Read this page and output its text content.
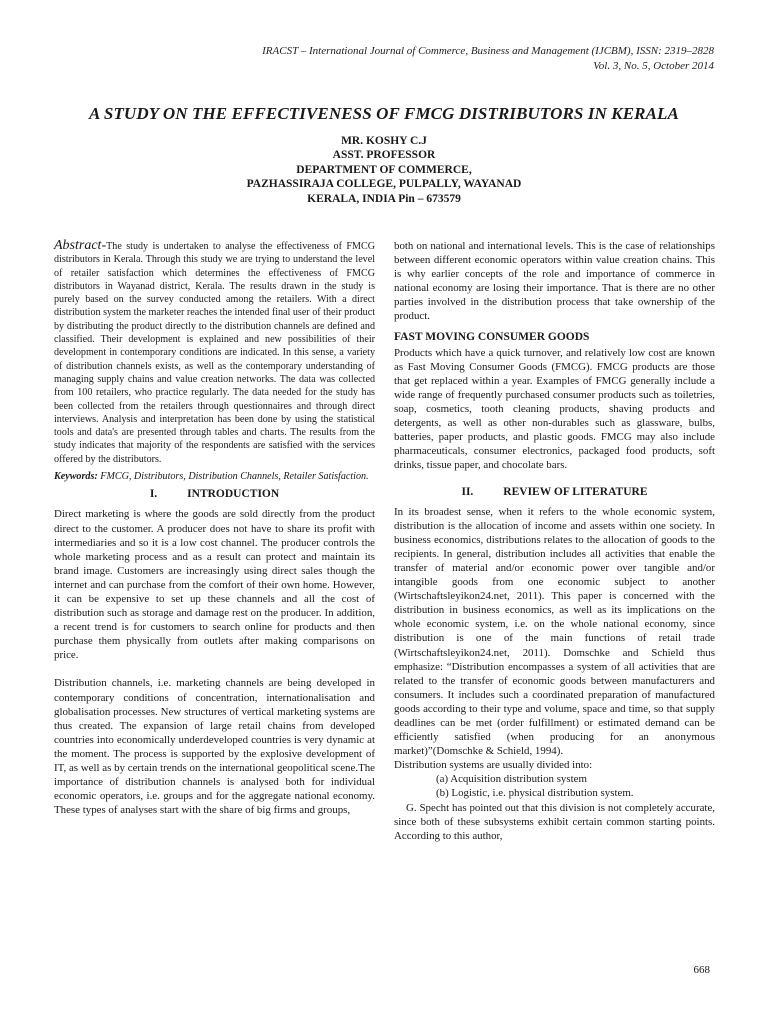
IRACST – International Journal of Commerce, Business and Management (IJCBM), ISSN: 2319–2828
Vol. 3, No. 5, October 2014
A STUDY ON THE EFFECTIVENESS OF FMCG DISTRIBUTORS IN KERALA
MR. KOSHY C.J
ASST. PROFESSOR
DEPARTMENT OF COMMERCE,
PAZHASSIRAJA COLLEGE, PULPALLY, WAYANAD
KERALA, INDIA Pin – 673579

Abstract-The study is undertaken to analyse the effectiveness of FMCG distributors in Kerala. Through this study we are trying to understand the level of retailer satisfaction which determines the effectiveness of FMCG distributors in Wayanad district, Kerala. The results drawn in the study is purely based on the survey conducted among the retailers. With a direct distribution system the marketer reaches the intended final user of their product by distributing the product directly to the distribution channels are defined and classified. Their development is explained and new possibilities of their development in contemporary conditions are indicated. In this sense, a variety of distribution channels exists, as well as the contemporary understanding of managing supply chains and value creation networks. The data was collected from 100 retailers, who practice regularly. The data needed for the study has been collected from the retailers through questionnaires and through direct interviews. Analysis and interpretation has been done by using the statistical tools and data's are presented through tables and charts. The results from the study indicates that majority of the respondents are satisfied with the services offered by the distributors.

Keywords: FMCG, Distributors, Distribution Channels, Retailer Satisfaction.

I.	INTRODUCTION

Direct marketing is where the goods are sold directly from the product direct to the customer. A producer does not have to share its profit with intermediaries and so it is a low cost channel. The producer controls the whole marketing process and as a result can protect and maintain its brand image. Customers are increasingly using direct sales though the internet and can purchase from the comfort of their own home. However, it can be expensive to set up these channels and all the cost of distribution such as storage and damage rest on the producer. In addition, a recent trend is for customers to search online for products and then purchase them physically from outlets after making comparisons on price.

Distribution channels, i.e. marketing channels are being developed in contemporary conditions of concentration, internationalisation and globalisation processes. New structures of vertical marketing systems are thus created. The expansion of large retail chains from developed countries into economically underdeveloped countries is very dynamic at the moment. The process is supported by the explosive development of IT, as well as by certain trends on the international geopolitical scene.The importance of distribution channels is analysed both for individual economic operators, i.e. groups and for the aggregate national economy. These types of analyses start with the share of big firms and groups,

both on national and international levels. This is the case of relationships between different economic operators within value creation chains. This is why earlier concepts of the role and importance of commerce in national economy are losing their importance. That is there are no other parties involved in the distribution process that take ownership of the product.

FAST MOVING CONSUMER GOODS

Products which have a quick turnover, and relatively low cost are known as Fast Moving Consumer Goods (FMCG). FMCG products are those that get replaced within a year. Examples of FMCG generally include a wide range of frequently purchased consumer products such as toiletries, soap, cosmetics, tooth cleaning products, shaving products and detergents, as well as other non-durables such as glassware, bulbs, batteries, paper products, and plastic goods. FMCG may also include pharmaceuticals, consumer electronics, packaged food products, soft drinks, tissue paper, and chocolate bars.

II.	REVIEW OF LITERATURE

In its broadest sense, when it refers to the whole economic system, distribution is the allocation of income and assets within one society. In business economics, distributions relates to the allocation of goods to the recipients. In general, distribution includes all activities that enable the transfer of material and/or economic power over tangible and/or intangible goods from one economic subject to another (Wirtschaftsleyikon24.net, 2011). This paper is concerned with the distribution in business economics, as well as its implications on the whole economic system, i.e. on the whole national economy, since distribution is one of the main functions of retail trade (Wirtschaftsleyikon24.net, 2011). Domschke and Schield thus emphasize: “Distribution encompasses a system of all activities that are related to the transfer of economic goods between manufacturers and consumers. It includes such a coordinated preparation of manufactured goods according to their type and volume, space and time, so that supply deadlines can be met (order fulfillment) or estimated demand can be efficiently satisfied (when producing for an anonymous market)”(Domschke & Schield, 1994).

Distribution systems are usually divided into:

(a) Acquisition distribution system

(b) Logistic, i.e. physical distribution system.

G. Specht has pointed out that this division is not completely accurate, since both of these subsystems exhibit certain common starting points. According to this author,

668
